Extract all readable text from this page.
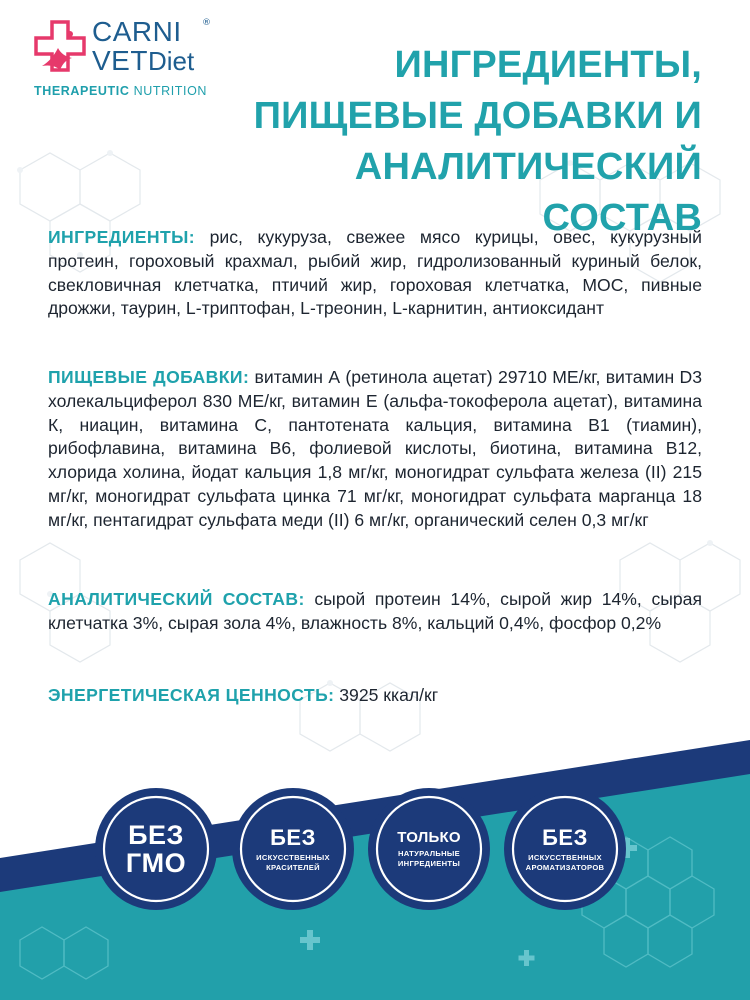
CARNI ®
VETDiet
THERAPEUTIC NUTRITION
ИНГРЕДИЕНТЫ,
ПИЩЕВЫЕ ДОБАВКИ И
АНАЛИТИЧЕСКИЙ СОСТАВ

ИНГРЕДИЕНТЫ: рис, кукуруза, свежее мясо курицы, овес, кукурузный протеин, гороховый крахмал, рыбий жир, гидролизованный куриный белок, свекловичная клетчатка, птичий жир, гороховая клетчатка, МОС, пивные дрожжи, таурин, L-триптофан, L-треонин, L-карнитин, антиоксидант

ПИЩЕВЫЕ ДОБАВКИ: витамин А (ретинола ацетат) 29710 МЕ/кг, витамин D3 холекальциферол 830 МЕ/кг, витамин Е (альфа-токоферола ацетат), витамина К, ниацин, витамина С, пантотената кальция, витамина В1 (тиамин), рибофлавина, витамина В6, фолиевой кислоты, биотина, витамина В12, хлорида холина, йодат кальция 1,8 мг/кг, моногидрат сульфата железа (II) 215 мг/кг, моногидрат сульфата цинка 71 мг/кг, моногидрат сульфата марганца 18 мг/кг, пентагидрат сульфата меди (II) 6 мг/кг, органический селен 0,3 мг/кг

АНАЛИТИЧЕСКИЙ СОСТАВ: сырой протеин 14%, сырой жир 14%, сырая клетчатка 3%, сырая зола 4%, влажность 8%, кальций 0,4%, фосфор 0,2%

ЭНЕРГЕТИЧЕСКАЯ ЦЕННОСТЬ: 3925 ккал/кг

БЕЗ
ГМО
БЕЗ
ИСКУССТВЕННЫХ
КРАСИТЕЛЕЙ
ТОЛЬКО
НАТУРАЛЬНЫЕ
ИНГРЕДИЕНТЫ
БЕЗ
ИСКУССТВЕННЫХ
АРОМАТИЗАТОРОВ
